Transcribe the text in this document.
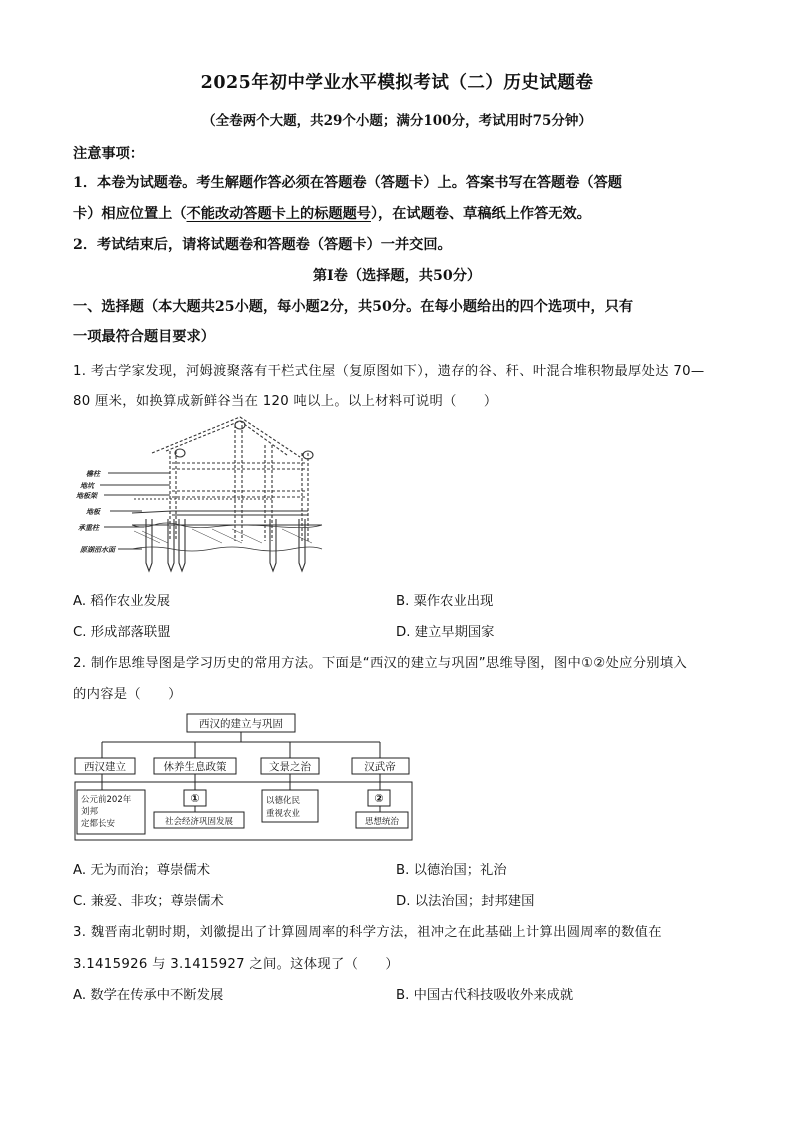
2025年初中学业水平模拟考试（二）历史试题卷
（全卷两个大题，共29个小题；满分100分，考试用时75分钟）
注意事项：
1．本卷为试题卷。考生解题作答必须在答题卷（答题卡）上。答案书写在答题卷（答题
卡）相应位置上（不能改动答题卡上的标题题号），在试题卷、草稿纸上作答无效。
2．考试结束后，请将试题卷和答题卷（答题卡）一并交回。
第Ⅰ卷（选择题，共50分）
一、选择题（本大题共25小题，每小题2分，共50分。在每小题给出的四个选项中，只有
一项最符合题目要求）
1. 考古学家发现，河姆渡聚落有干栏式住屋（复原图如下），遗存的谷、秆、叶混合堆积物最厚处达 70—
80 厘米，如换算成新鲜谷当在 120 吨以上。以上材料可说明（　　）
檐柱
地坑
地板架
地板
承重柱
原湖沼水面
A. 稻作农业发展	B. 粟作农业出现
C. 形成部落联盟	D. 建立早期国家
2. 制作思维导图是学习历史的常用方法。下面是“西汉的建立与巩固”思维导图，图中①②处应分别填入
的内容是（　　）
西汉的建立与巩固
西汉建立	休养生息政策	文景之治	汉武帝
公元前202年
刘邦
定都长安
①
社会经济巩固发展
以德化民
重视农业
②
思想统治
A. 无为而治；尊崇儒术	B. 以德治国；礼治
C. 兼爱、非攻；尊崇儒术	D. 以法治国；封邦建国
3. 魏晋南北朝时期，刘徽提出了计算圆周率的科学方法，祖冲之在此基础上计算出圆周率的数值在
3.1415926 与 3.1415927 之间。这体现了（　　）
A. 数学在传承中不断发展	B. 中国古代科技吸收外来成就
